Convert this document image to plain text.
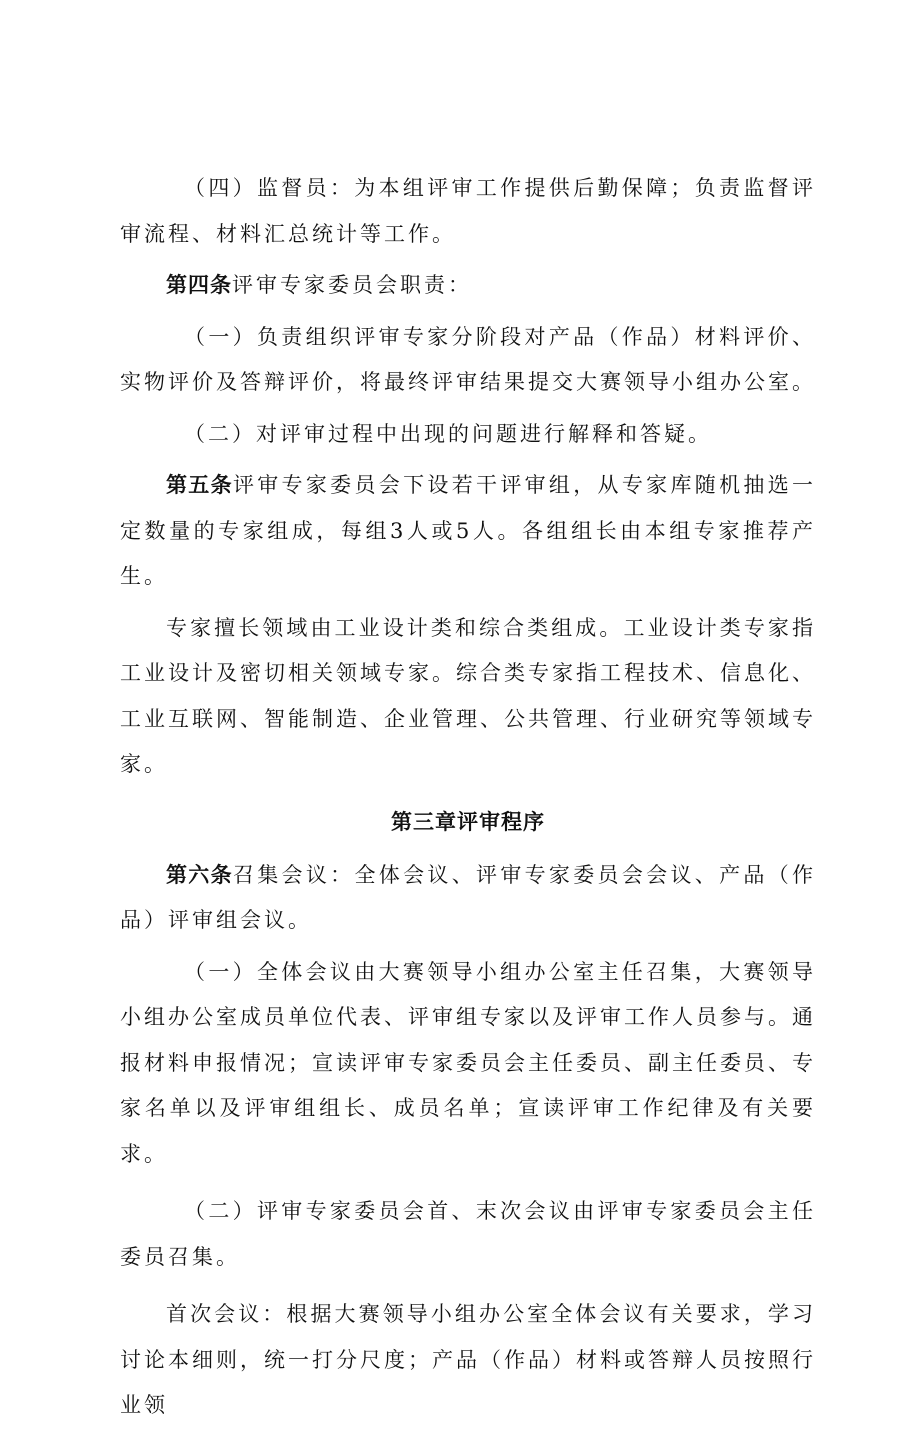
（四）监督员：为本组评审工作提供后勤保障；负责监督评审流程、材料汇总统计等工作。

第四条评审专家委员会职责：

（一）负责组织评审专家分阶段对产品（作品）材料评价、实物评价及答辩评价，将最终评审结果提交大赛领导小组办公室。

（二）对评审过程中出现的问题进行解释和答疑。

第五条评审专家委员会下设若干评审组，从专家库随机抽选一定数量的专家组成，每组3人或5人。各组组长由本组专家推荐产生。

专家擅长领域由工业设计类和综合类组成。工业设计类专家指工业设计及密切相关领域专家。综合类专家指工程技术、信息化、工业互联网、智能制造、企业管理、公共管理、行业研究等领域专家。

第三章评审程序

第六条召集会议：全体会议、评审专家委员会会议、产品（作品）评审组会议。

（一）全体会议由大赛领导小组办公室主任召集，大赛领导小组办公室成员单位代表、评审组专家以及评审工作人员参与。通报材料申报情况；宣读评审专家委员会主任委员、副主任委员、专家名单以及评审组组长、成员名单；宣读评审工作纪律及有关要求。

（二）评审专家委员会首、末次会议由评审专家委员会主任委员召集。

首次会议：根据大赛领导小组办公室全体会议有关要求，学习讨论本细则，统一打分尺度；产品（作品）材料或答辩人员按照行业领
